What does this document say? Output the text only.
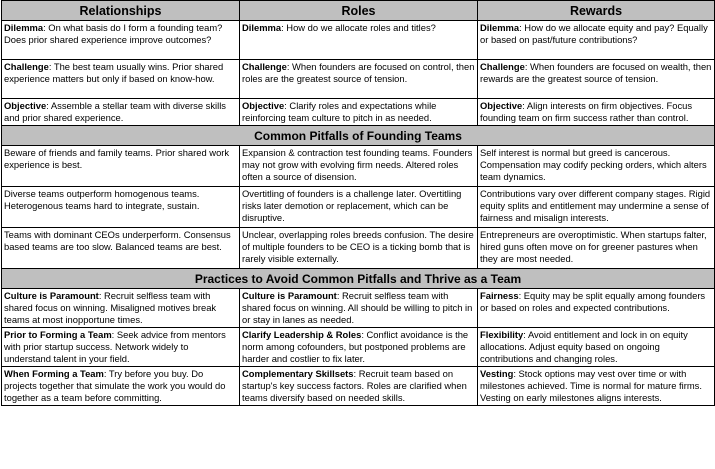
Relationships	Roles	Rewards
Dilemma: On what basis do I form a founding team? Does prior shared experience improve outcomes?	Dilemma: How do we allocate roles and titles?	Dilemma: How do we allocate equity and pay? Equally or based on past/future contributions?
Challenge: The best team usually wins. Prior shared experience matters but only if based on know-how.	Challenge: When founders are focused on control, then roles are the greatest source of tension.	Challenge: When founders are focused on wealth, then rewards are the greatest source of tension.
Objective: Assemble a stellar team with diverse skills and prior shared experience.	Objective: Clarify roles and expectations while reinforcing team culture to pitch in as needed.	Objective: Align interests on firm objectives. Focus founding team on firm success rather than control.
Common Pitfalls of Founding Teams		
Beware of friends and family teams. Prior shared work experience is best.	Expansion & contraction test founding teams. Founders may not grow with evolving firm needs. Altered roles often a source of disension.	Self interest is normal but greed is cancerous. Compensation may codify pecking orders, which alters team dynamics.
Diverse teams outperform homogenous teams. Heterogenous teams hard to integrate, sustain.	Overtitling of founders is a challenge later. Overtitling risks later demotion or replacement, which can be disruptive.	Contributions vary over different company stages. Rigid equity splits and entitlement may undermine a sense of fairness and misalign interests.
Teams with dominant CEOs underperform. Consensus based teams are too slow. Balanced teams are best.	Unclear, overlapping roles breeds confusion. The desire of multiple founders to be CEO is a ticking bomb that is rarely visible externally.	Entrepreneurs are overoptimistic. When startups falter, hired guns often move on for greener pastures when they are most needed.
Practices to Avoid Common Pitfalls and Thrive as a Team		
Culture is Paramount: Recruit selfless team with shared focus on winning. Misaligned motives break teams at most inopportune times.	Culture is Paramount: Recruit selfless team with shared focus on winning. All should be willing to pitch in or stay in lanes as needed.	Fairness: Equity may be split equally among founders or based on roles and expected contributions.
Prior to Forming a Team: Seek advice from mentors with prior startup success. Network widely to understand talent in your field.	Clarify Leadership & Roles: Conflict avoidance is the norm among cofounders, but postponed problems are harder and costlier to fix later.	Flexibility: Avoid entitlement and lock in on equity allocations. Adjust equity based on ongoing contributions and changing roles.
When Forming a Team: Try before you buy. Do projects together that simulate the work you would do together as a team before committing.	Complementary Skillsets: Recruit team based on startup's key success factors. Roles are clarified when teams diversify based on needed skills.	Vesting: Stock options may vest over time or with milestones achieved. Time is normal for mature firms. Vesting on early milestones aligns interests.
